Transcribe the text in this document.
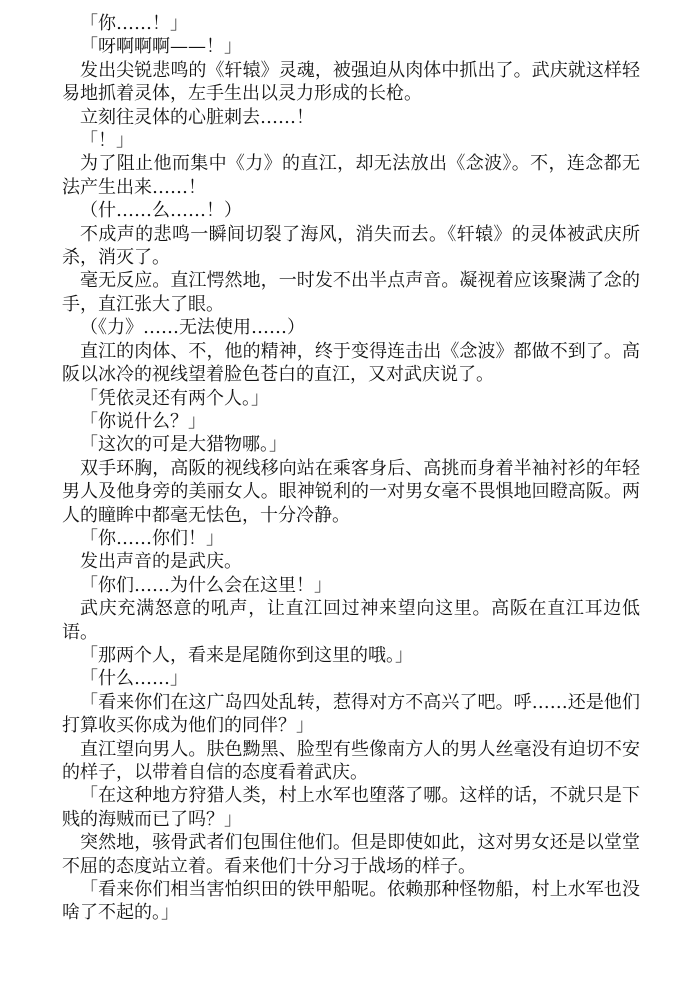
「你……！」

「呀啊啊啊——！」

发出尖锐悲鸣的《轩辕》灵魂，被强迫从肉体中抓出了。武庆就这样轻易地抓着灵体，左手生出以灵力形成的长枪。

立刻往灵体的心脏刺去……！

「！」

为了阻止他而集中《力》的直江，却无法放出《念波》。不，连念都无法产生出来……！

（什……么……！）

不成声的悲鸣一瞬间切裂了海风，消失而去。《轩辕》的灵体被武庆所杀，消灭了。

毫无反应。直江愕然地，一时发不出半点声音。凝视着应该聚满了念的手，直江张大了眼。

（《力》……无法使用……）

直江的肉体、不，他的精神，终于变得连击出《念波》都做不到了。高阪以冰冷的视线望着脸色苍白的直江，又对武庆说了。

「凭依灵还有两个人。」

「你说什么？」

「这次的可是大猎物哪。」

双手环胸，高阪的视线移向站在乘客身后、高挑而身着半袖衬衫的年轻男人及他身旁的美丽女人。眼神锐利的一对男女毫不畏惧地回瞪高阪。两人的瞳眸中都毫无怯色，十分冷静。

「你……你们！」

发出声音的是武庆。

「你们……为什么会在这里！」

武庆充满怒意的吼声，让直江回过神来望向这里。高阪在直江耳边低语。

「那两个人，看来是尾随你到这里的哦。」

「什么……」

「看来你们在这广岛四处乱转，惹得对方不高兴了吧。呼……还是他们打算收买你成为他们的同伴？」

直江望向男人。肤色黝黑、脸型有些像南方人的男人丝毫没有迫切不安的样子，以带着自信的态度看着武庆。

「在这种地方狩猎人类，村上水军也堕落了哪。这样的话，不就只是下贱的海贼而已了吗？」

突然地，骇骨武者们包围住他们。但是即使如此，这对男女还是以堂堂不屈的态度站立着。看来他们十分习于战场的样子。

「看来你们相当害怕织田的铁甲船呢。依赖那种怪物船，村上水军也没啥了不起的。」
